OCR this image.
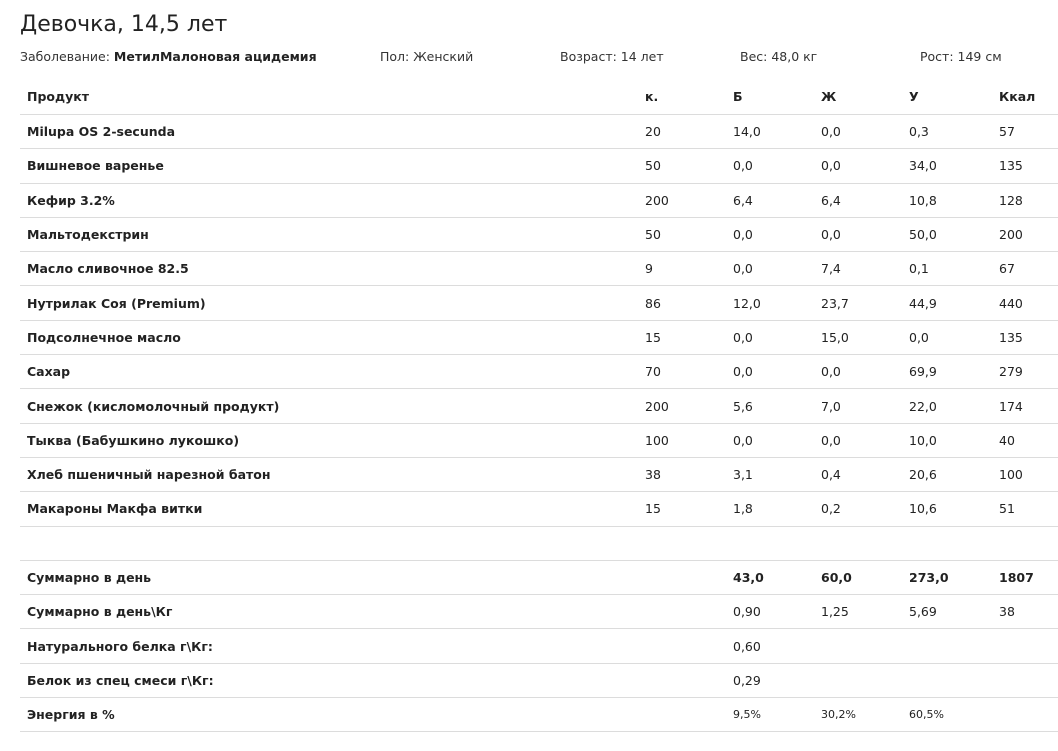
Девочка, 14,5 лет
Заболевание: МетилМалоновая ацидемия	Пол: Женский	Возраст: 14 лет	Вес: 48,0 кг	Рост: 149 см
Продукт	к.	Б	Ж	У	Ккал
Milupa OS 2-secunda	20	14,0	0,0	0,3	57
Вишневое варенье	50	0,0	0,0	34,0	135
Кефир 3.2%	200	6,4	6,4	10,8	128
Мальтодекстрин	50	0,0	0,0	50,0	200
Масло сливочное 82.5	9	0,0	7,4	0,1	67
Нутрилак Соя (Premium)	86	12,0	23,7	44,9	440
Подсолнечное масло	15	0,0	15,0	0,0	135
Сахар	70	0,0	0,0	69,9	279
Снежок (кисломолочный продукт)	200	5,6	7,0	22,0	174
Тыква (Бабушкино лукошко)	100	0,0	0,0	10,0	40
Хлеб пшеничный нарезной батон	38	3,1	0,4	20,6	100
Макароны Макфа витки	15	1,8	0,2	10,6	51

Суммарно в день		43,0	60,0	273,0	1807
Суммарно в день\Кг		0,90	1,25	5,69	38
Натурального белка г\Кг:		0,60			
Белок из спец смеси г\Кг:		0,29			
Энергия в %		9,5%	30,2%	60,5%	
